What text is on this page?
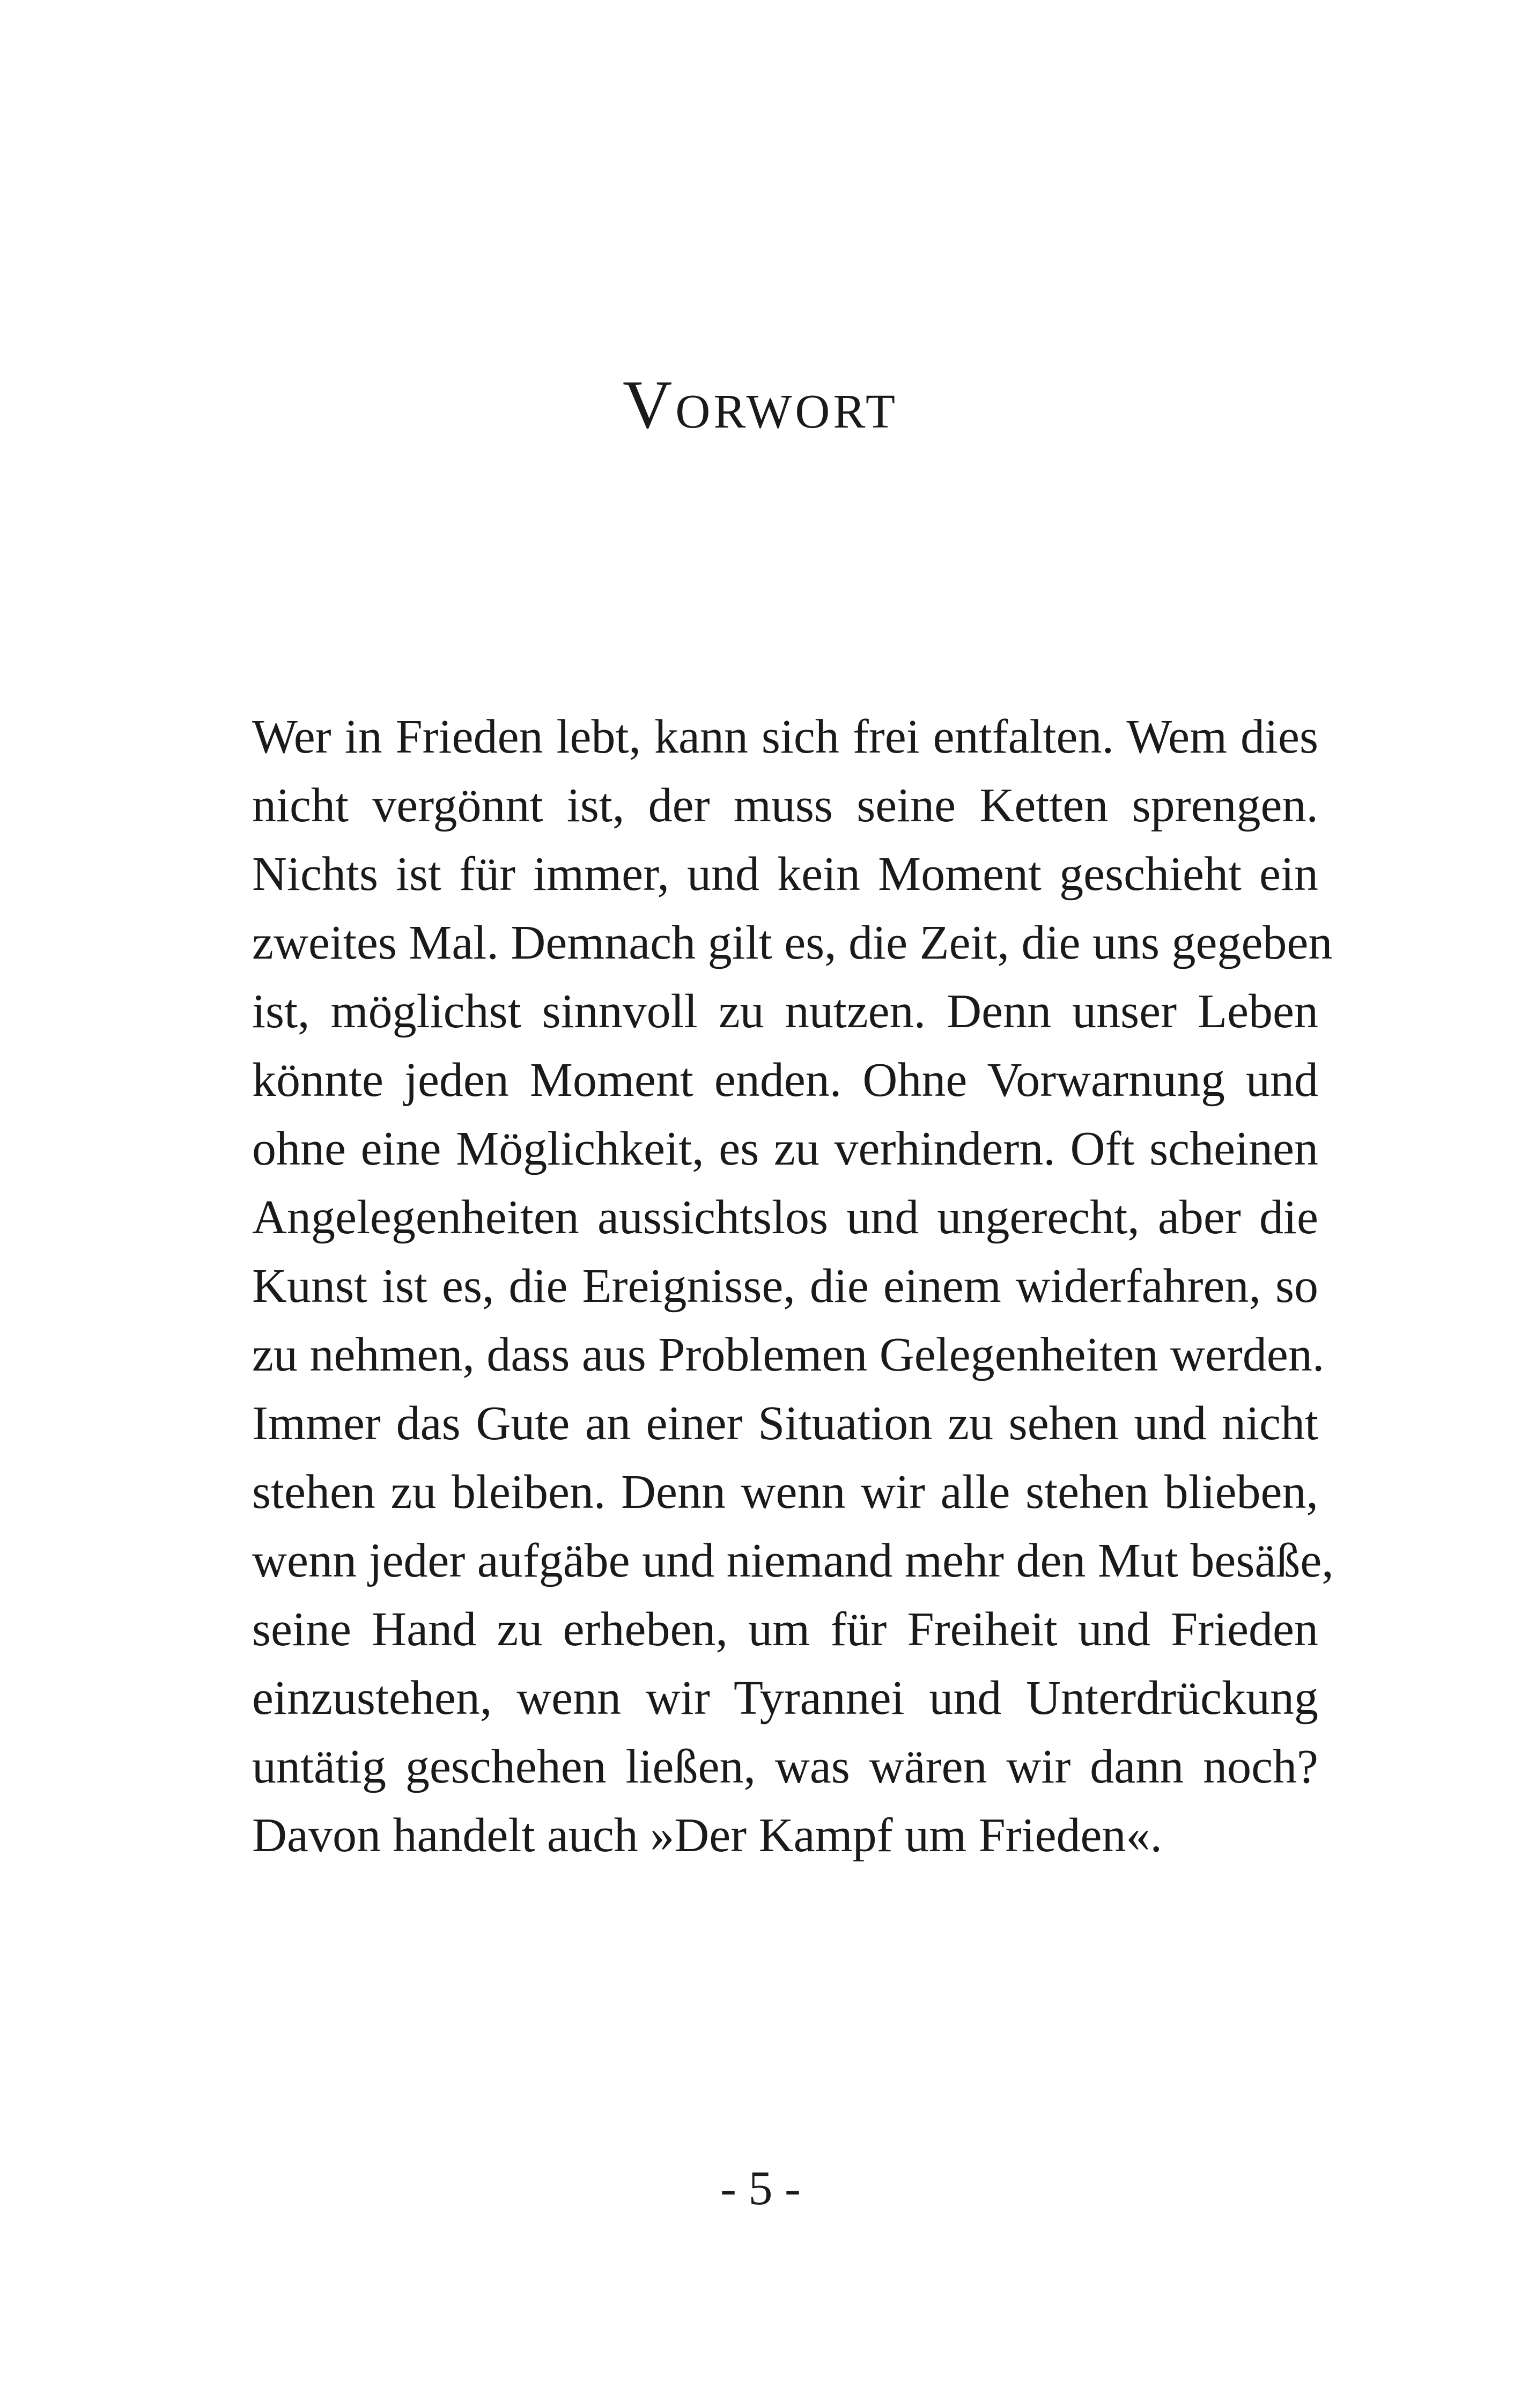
Vorwort
Wer in Frieden lebt, kann sich frei entfalten. Wem dies
nicht vergönnt ist, der muss seine Ketten sprengen.
Nichts ist für immer, und kein Moment geschieht ein
zweites Mal. Demnach gilt es, die Zeit, die uns gegeben
ist, möglichst sinnvoll zu nutzen. Denn unser Leben
könnte jeden Moment enden. Ohne Vorwarnung und
ohne eine Möglichkeit, es zu verhindern. Oft scheinen
Angelegenheiten aussichtslos und ungerecht, aber die
Kunst ist es, die Ereignisse, die einem widerfahren, so
zu nehmen, dass aus Problemen Gelegenheiten werden.
Immer das Gute an einer Situation zu sehen und nicht
stehen zu bleiben. Denn wenn wir alle stehen blieben,
wenn jeder aufgäbe und niemand mehr den Mut besäße,
seine Hand zu erheben, um für Freiheit und Frieden
einzustehen, wenn wir Tyrannei und Unterdrückung
untätig geschehen ließen, was wären wir dann noch?
Davon handelt auch »Der Kampf um Frieden«.
- 5 -
